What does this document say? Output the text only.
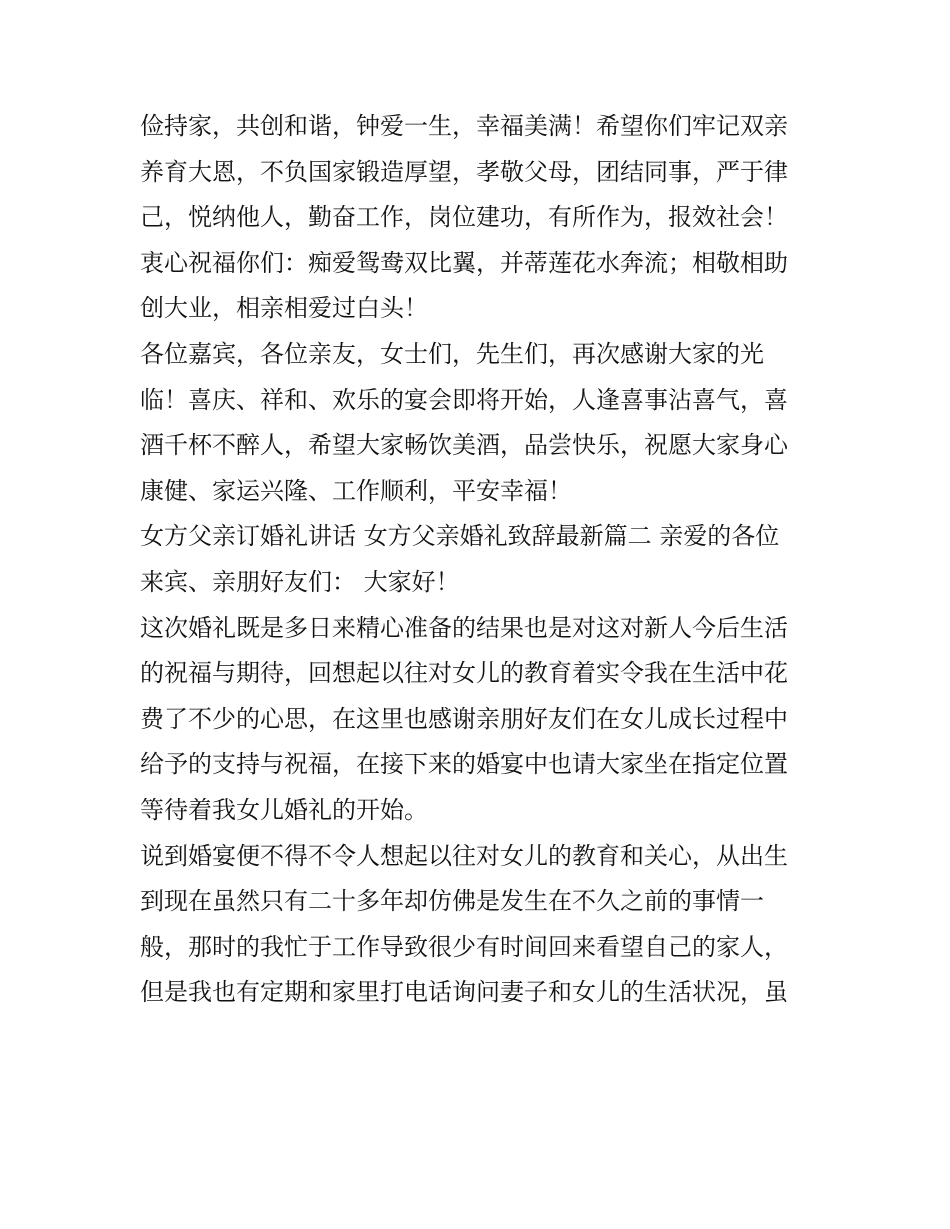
俭持家，共创和谐，钟爱一生，幸福美满！希望你们牢记双亲
养育大恩，不负国家锻造厚望，孝敬父母，团结同事，严于律
己，悦纳他人，勤奋工作，岗位建功，有所作为，报效社会！
衷心祝福你们：痴爱鸳鸯双比翼，并蒂莲花水奔流；相敬相助
创大业，相亲相爱过白头！

各位嘉宾，各位亲友，女士们，先生们，再次感谢大家的光
临！喜庆、祥和、欢乐的宴会即将开始，人逢喜事沾喜气，喜
酒千杯不醉人，希望大家畅饮美酒，品尝快乐，祝愿大家身心
康健、家运兴隆、工作顺利，平安幸福！

女方父亲订婚礼讲话 女方父亲婚礼致辞最新篇二 亲爱的各位
来宾、亲朋好友们： 大家好！

这次婚礼既是多日来精心准备的结果也是对这对新人今后生活
的祝福与期待，回想起以往对女儿的教育着实令我在生活中花
费了不少的心思，在这里也感谢亲朋好友们在女儿成长过程中
给予的支持与祝福，在接下来的婚宴中也请大家坐在指定位置
等待着我女儿婚礼的开始。

说到婚宴便不得不令人想起以往对女儿的教育和关心，从出生
到现在虽然只有二十多年却仿佛是发生在不久之前的事情一
般，那时的我忙于工作导致很少有时间回来看望自己的家人，
但是我也有定期和家里打电话询问妻子和女儿的生活状况，虽
